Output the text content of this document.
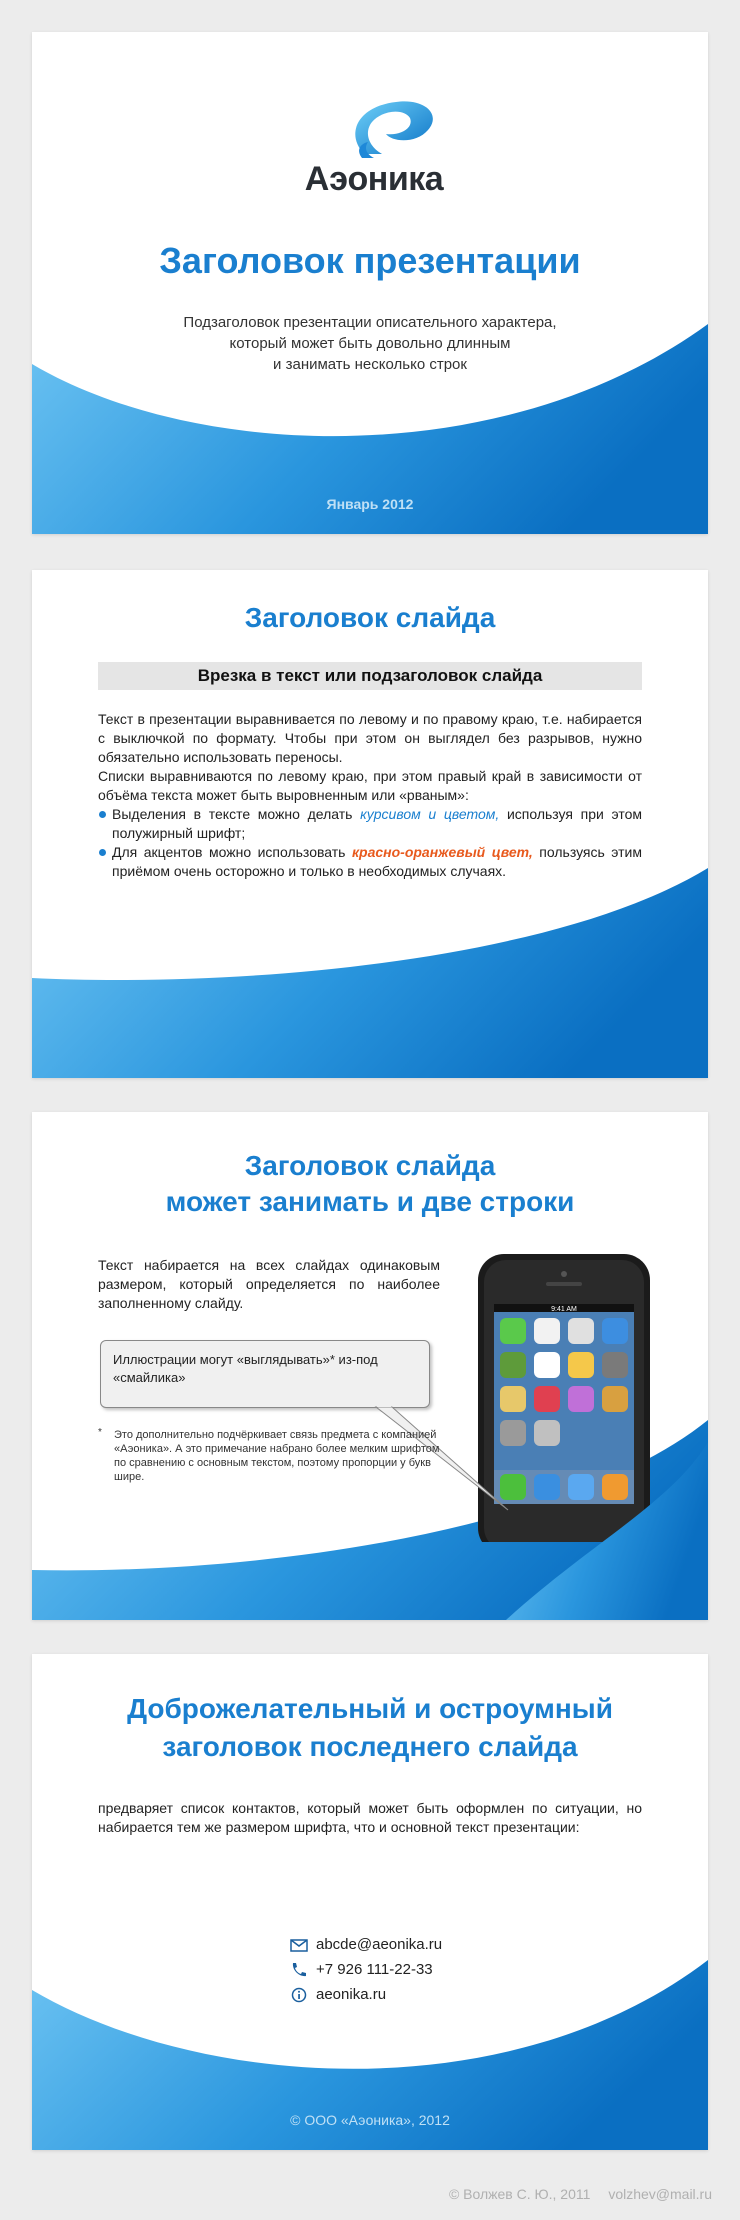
Аэоника
Заголовок презентации
Подзаголовок презентации описательного характера,
который может быть довольно длинным
и занимать несколько строк
Январь 2012
Заголовок слайда
Врезка в текст или подзаголовок слайда

Текст в презентации выравнивается по левому и по правому краю, т.е. набирается с выключкой по формату. Чтобы при этом он выглядел без разрывов, нужно обязательно использовать переносы.

Списки выравниваются по левому краю, при этом правый край в зависимости от объёма текста может быть выровненным или «рваным»:

Выделения в тексте можно делать курсивом и цветом, используя при этом полужирный шрифт;
Для акцентов можно использовать красно-оранжевый цвет, пользуясь этим приёмом очень осторожно и только в необходимых случаях.
Заголовок слайда
может занимать и две строки
Текст набирается на всех слайдах одинаковым размером, который определяется по наиболее заполненному слайду.	9:41 AM
Иллюстрации могут «выглядывать»* из-под «смайлика»
*	Это дополнительно подчёркивает связь предмета с компанией «Аэоника». А это примечание набрано более мелким шрифтом по сравнению с основным текстом, поэтому пропорции у букв шире.
Доброжелательный и остроумный
заголовок последнего слайда
предваряет список контактов, который может быть оформлен по ситуации, но набирается тем же размером шрифта, что и основной текст презентации:
abcde@aeonika.ru
+7 926 111-22-33
aeonika.ru
© ООО «Аэоника», 2012
© Волжев С. Ю., 2011 volzhev@mail.ru
